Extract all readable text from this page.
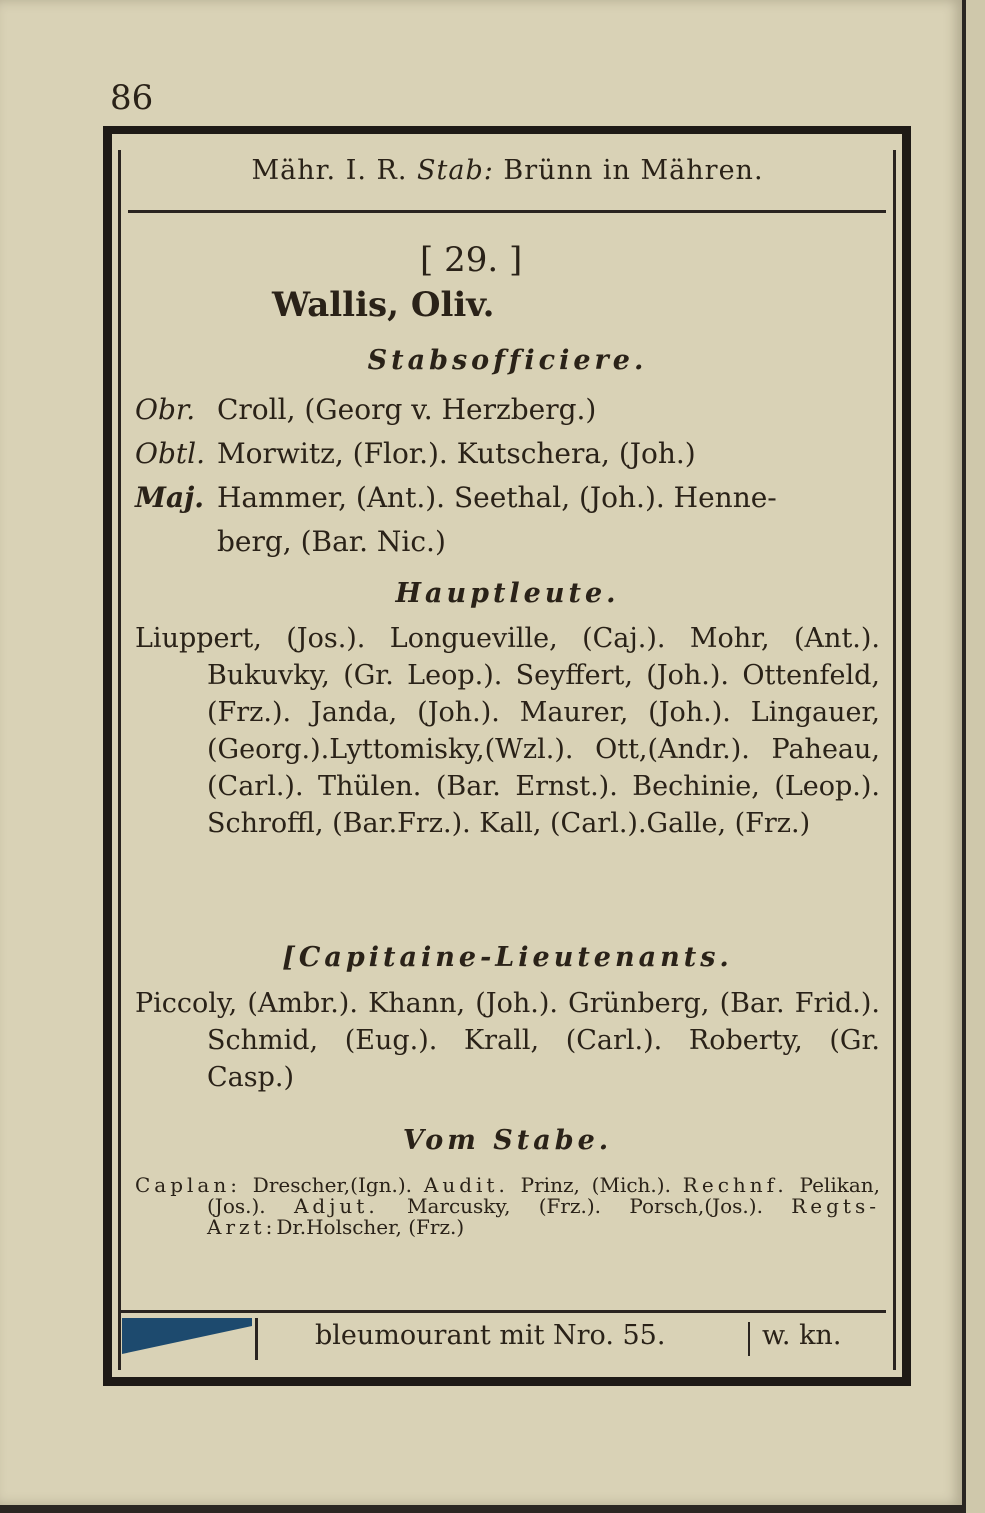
86
Mähr. I. R. Stab: Brünn in Mähren.
[ 29. ]
Wallis, Oliv.
Stabsofficiere.
Obr. Croll, (Georg v. Herzberg.)
Obtl. Morwitz, (Flor.). Kutschera, (Joh.)
Maj. Hammer, (Ant.). Seethal, (Joh.). Henne-
berg, (Bar. Nic.)
Hauptleute.
Liuppert, (Jos.). Longueville, (Caj.). Mohr, (Ant.). Bukuvky, (Gr. Leop.). Seyffert, (Joh.). Ottenfeld, (Frz.). Janda, (Joh.). Maurer, (Joh.). Lingauer,(Georg.).Lyttomisky,(Wzl.). Ott,(Andr.). Paheau, (Carl.). Thülen. (Bar. Ernst.). Bechinie, (Leop.). Schroffl, (Bar.Frz.). Kall, (Carl.).Galle, (Frz.)
[Capitaine-Lieutenants.
Piccoly, (Ambr.). Khann, (Joh.). Grünberg, (Bar. Frid.). Schmid, (Eug.). Krall, (Carl.). Roberty, (Gr. Casp.)
Vom Stabe.
Caplan: Drescher,(Ign.). Audit. Prinz, (Mich.). Rechnf. Pelikan,(Jos.). Adjut. Marcusky, (Frz.). Porsch,(Jos.). Regts-Arzt:Dr.Holscher, (Frz.)
bleumourant mit Nro. 55.	w. kn.
